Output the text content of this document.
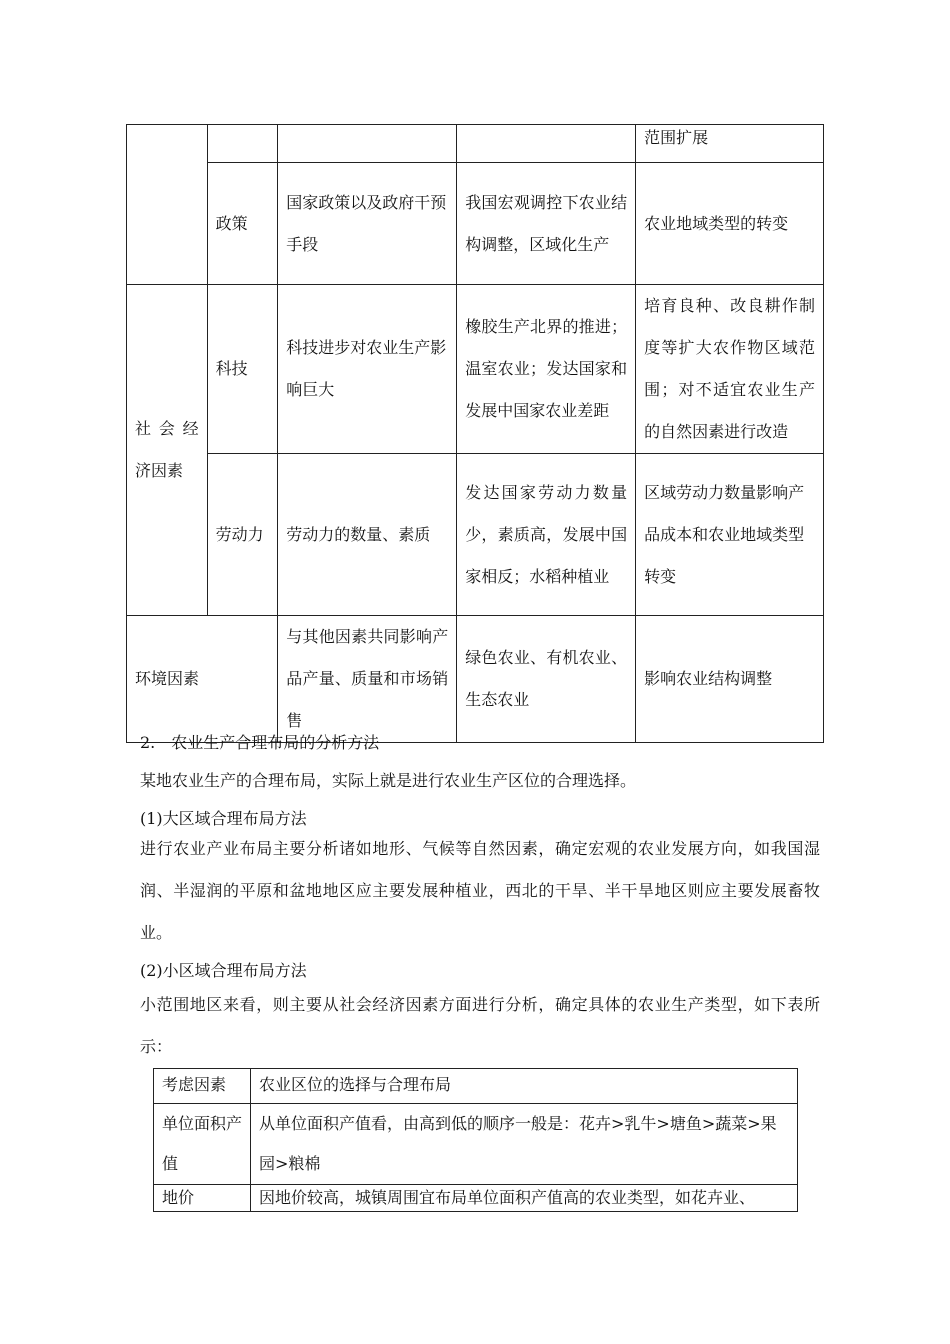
				范围扩展
	政策	国家政策以及政府干预手段	我国宏观调控下农业结构调整，区域化生产	农业地域类型的转变
社会经济因素	科技	科技进步对农业生产影响巨大	橡胶生产北界的推进；温室农业；发达国家和发展中国家农业差距	培育良种、改良耕作制度等扩大农作物区域范围；对不适宜农业生产的自然因素进行改造
	劳动力	劳动力的数量、素质	发达国家劳动力数量少，素质高，发展中国家相反；水稻种植业	区域劳动力数量影响产品成本和农业地域类型转变
环境因素		与其他因素共同影响产品产量、质量和市场销售	绿色农业、有机农业、生态农业	影响农业结构调整
2.　农业生产合理布局的分析方法
某地农业生产的合理布局，实际上就是进行农业生产区位的合理选择。
(1)大区域合理布局方法
进行农业产业布局主要分析诸如地形、气候等自然因素，确定宏观的农业发展方向，如我国湿润、半湿润的平原和盆地地区应主要发展种植业，西北的干旱、半干旱地区则应主要发展畜牧业。
(2)小区域合理布局方法
小范围地区来看，则主要从社会经济因素方面进行分析，确定具体的农业生产类型，如下表所示：
考虑因素	农业区位的选择与合理布局
单位面积产值	从单位面积产值看，由高到低的顺序一般是：花卉>乳牛>塘鱼>蔬菜>果园>粮棉
地价	因地价较高，城镇周围宜布局单位面积产值高的农业类型，如花卉业、
